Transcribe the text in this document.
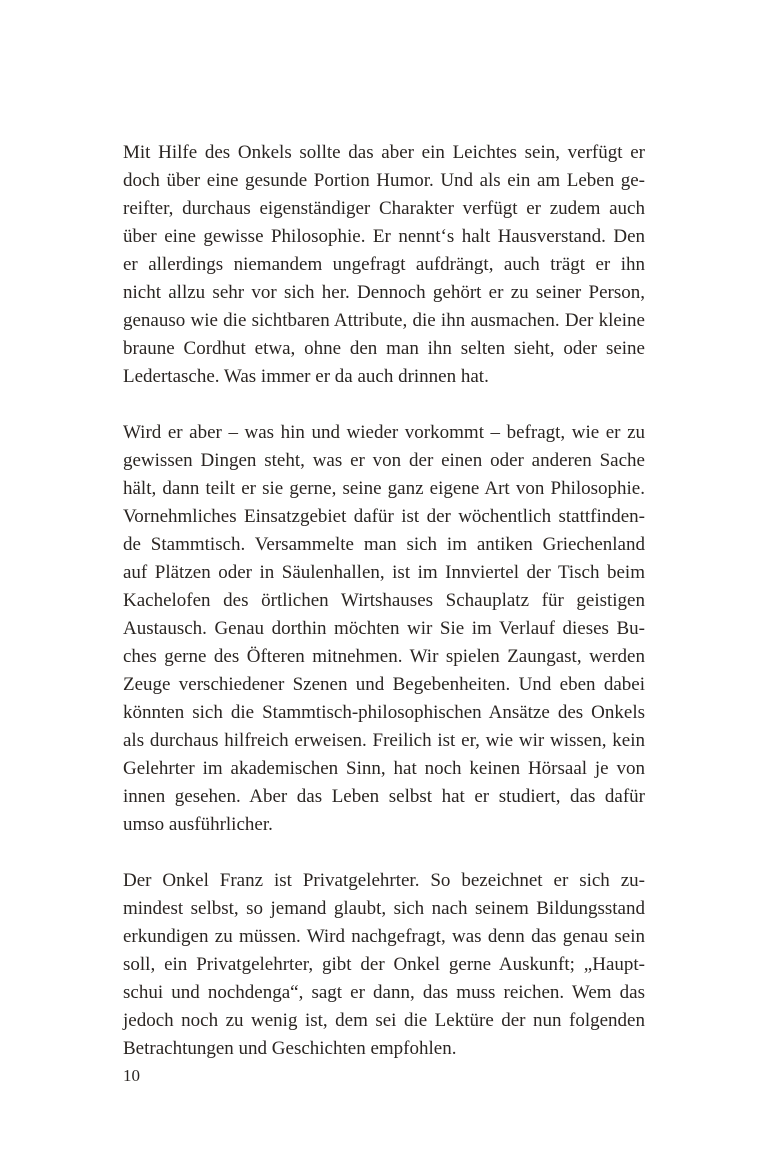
Mit Hilfe des Onkels sollte das aber ein Leichtes sein, verfügt er
doch über eine gesunde Portion Humor. Und als ein am Leben ge-
reifter, durchaus eigenständiger Charakter verfügt er zudem auch
über eine gewisse Philosophie. Er nennt‘s halt Hausverstand. Den
er allerdings niemandem ungefragt aufdrängt, auch trägt er ihn
nicht allzu sehr vor sich her. Dennoch gehört er zu seiner Person,
genauso wie die sichtbaren Attribute, die ihn ausmachen. Der kleine
braune Cordhut etwa, ohne den man ihn selten sieht, oder seine
Ledertasche. Was immer er da auch drinnen hat.

Wird er aber – was hin und wieder vorkommt – befragt, wie er zu
gewissen Dingen steht, was er von der einen oder anderen Sache
hält, dann teilt er sie gerne, seine ganz eigene Art von Philosophie.
Vornehmliches Einsatzgebiet dafür ist der wöchentlich stattfinden-
de Stammtisch. Versammelte man sich im antiken Griechenland
auf Plätzen oder in Säulenhallen, ist im Innviertel der Tisch beim
Kachelofen des örtlichen Wirtshauses Schauplatz für geistigen
Austausch. Genau dorthin möchten wir Sie im Verlauf dieses Bu-
ches gerne des Öfteren mitnehmen. Wir spielen Zaungast, werden
Zeuge verschiedener Szenen und Begebenheiten. Und eben dabei
könnten sich die Stammtisch-philosophischen Ansätze des Onkels
als durchaus hilfreich erweisen. Freilich ist er, wie wir wissen, kein
Gelehrter im akademischen Sinn, hat noch keinen Hörsaal je von
innen gesehen. Aber das Leben selbst hat er studiert, das dafür
umso ausführlicher.

Der Onkel Franz ist Privatgelehrter. So bezeichnet er sich zu-
mindest selbst, so jemand glaubt, sich nach seinem Bildungsstand
erkundigen zu müssen. Wird nachgefragt, was denn das genau sein
soll, ein Privatgelehrter, gibt der Onkel gerne Auskunft; „Haupt-
schui und nochdenga“, sagt er dann, das muss reichen. Wem das
jedoch noch zu wenig ist, dem sei die Lektüre der nun folgenden
Betrachtungen und Geschichten empfohlen.

10
